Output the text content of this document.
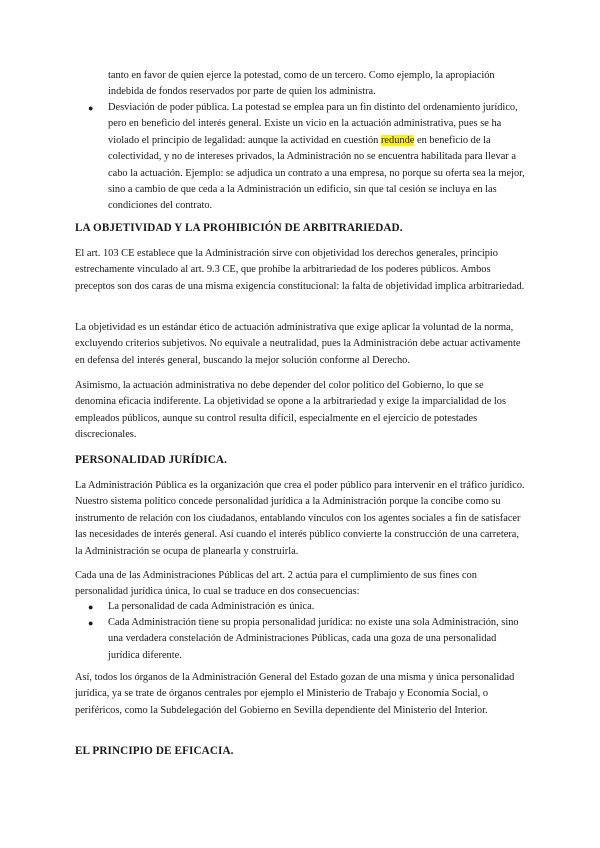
tanto en favor de quien ejerce la potestad, como de un tercero. Como ejemplo, la apropiación indebida de fondos reservados por parte de quien los administra.

● Desviación de poder pública. La potestad se emplea para un fin distinto del ordenamiento jurídico, pero en beneficio del interés general. Existe un vicio en la actuación administrativa, pues se ha violado el principio de legalidad: aunque la actividad en cuestión redunde en beneficio de la colectividad, y no de intereses privados, la Administración no se encuentra habilitada para llevar a cabo la actuación. Ejemplo: se adjudica un contrato a una empresa, no porque su oferta sea la mejor, sino a cambio de que ceda a la Administración un edificio, sin que tal cesión se incluya en las condiciones del contrato.

LA OBJETIVIDAD Y LA PROHIBICIÓN DE ARBITRARIEDAD.

El art. 103 CE establece que la Administración sirve con objetividad los derechos generales, principio estrechamente vinculado al art. 9.3 CE, que prohíbe la arbitrariedad de los poderes públicos. Ambos preceptos son dos caras de una misma exigencia constitucional: la falta de objetividad implica arbitrariedad.

La objetividad es un estándar ético de actuación administrativa que exige aplicar la voluntad de la norma, excluyendo criterios subjetivos. No equivale a neutralidad, pues la Administración debe actuar activamente en defensa del interés general, buscando la mejor solución conforme al Derecho.

Asimismo, la actuación administrativa no debe depender del color político del Gobierno, lo que se denomina eficacia indiferente. La objetividad se opone a la arbitrariedad y exige la imparcialidad de los empleados públicos, aunque su control resulta difícil, especialmente en el ejercicio de potestades discrecionales.

PERSONALIDAD JURÍDICA.

La Administración Pública es la organización que crea el poder público para intervenir en el tráfico jurídico. Nuestro sistema político concede personalidad jurídica a la Administración porque la concibe como su instrumento de relación con los ciudadanos, entablando vínculos con los agentes sociales a fin de satisfacer las necesidades de interés general. Así cuando el interés público convierte la construcción de una carretera, la Administración se ocupa de planearla y construirla.

Cada una de las Administraciones Públicas del art. 2 actúa para el cumplimiento de sus fines con personalidad jurídica única, lo cual se traduce en dos consecuencias:

● La personalidad de cada Administración es única.

● Cada Administración tiene su propia personalidad jurídica: no existe una sola Administración, sino una verdadera constelación de Administraciones Públicas, cada una goza de una personalidad jurídica diferente.

Así, todos los órganos de la Administración General del Estado gozan de una misma y única personalidad jurídica, ya se trate de órganos centrales por ejemplo el Ministerio de Trabajo y Economía Social, o periféricos, como la Subdelegación del Gobierno en Sevilla dependiente del Ministerio del Interior.

EL PRINCIPIO DE EFICACIA.
